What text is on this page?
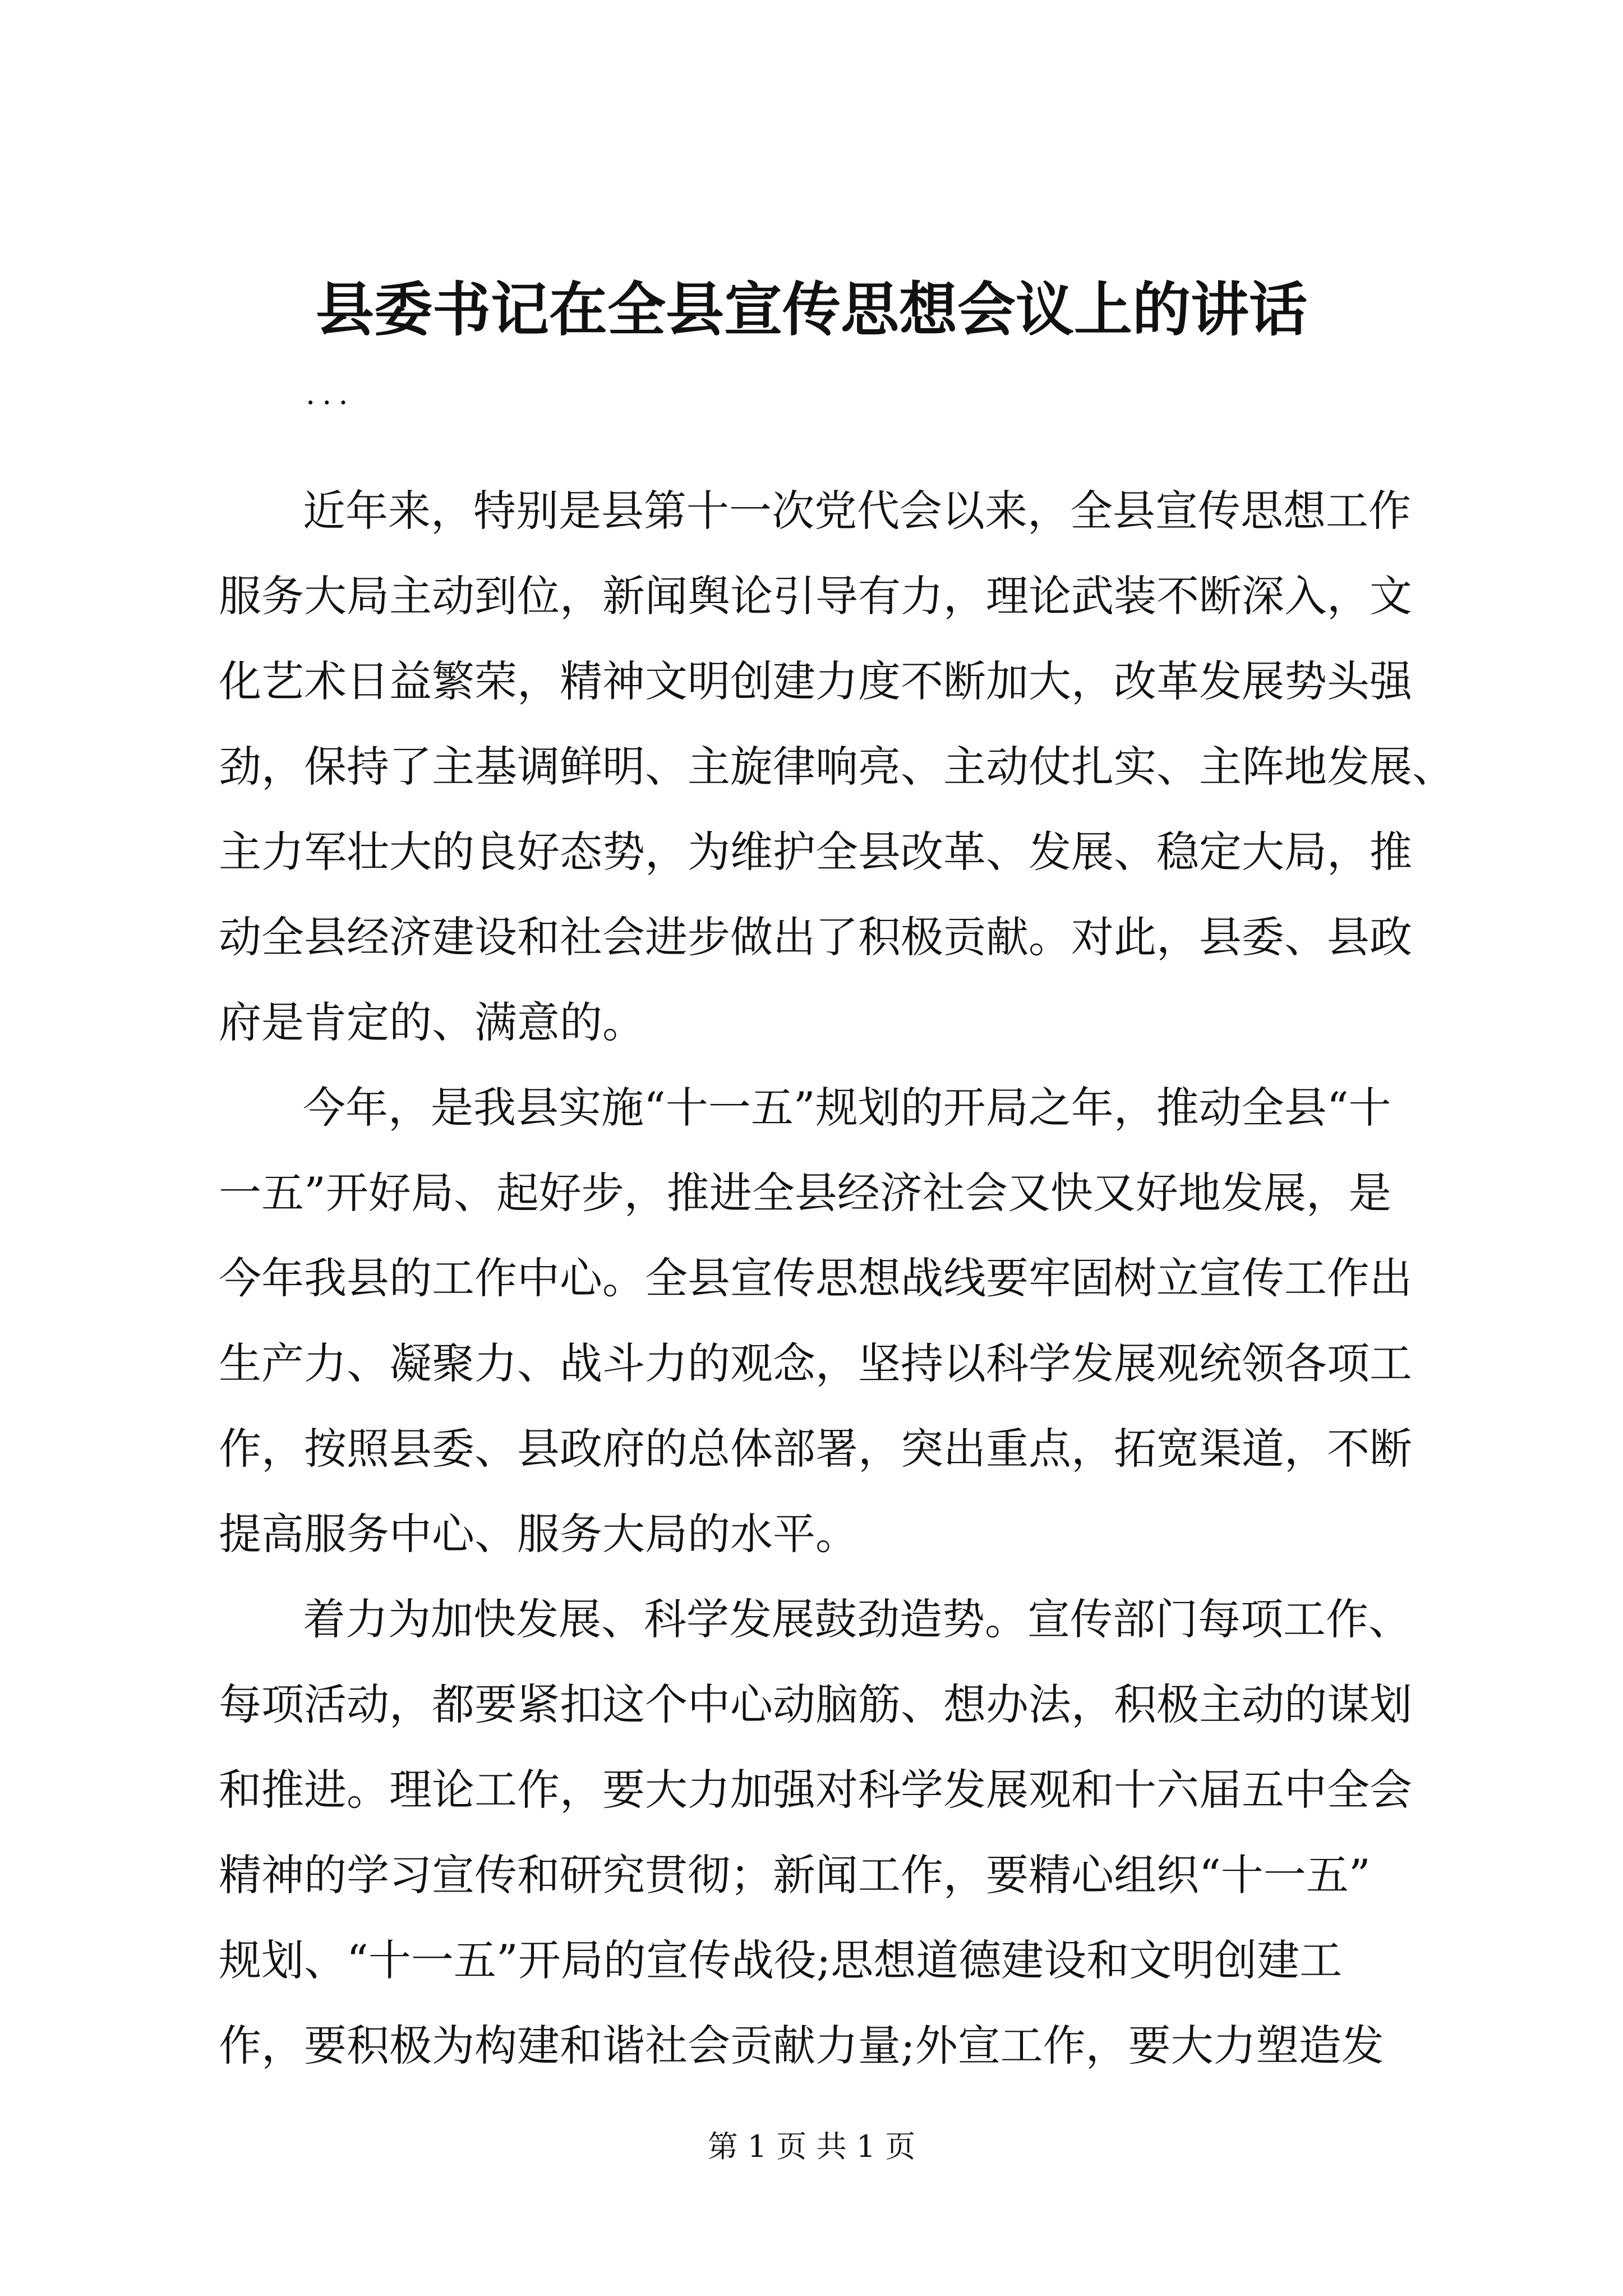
县委书记在全县宣传思想会议上的讲话
...
近年来，特别是县第十一次党代会以来，全县宣传思想工作
服务大局主动到位，新闻舆论引导有力，理论武装不断深入，文
化艺术日益繁荣，精神文明创建力度不断加大，改革发展势头强
劲，保持了主基调鲜明、主旋律响亮、主动仗扎实、主阵地发展、
主力军壮大的良好态势，为维护全县改革、发展、稳定大局，推
动全县经济建设和社会进步做出了积极贡献。对此，县委、县政
府是肯定的、满意的。
今年，是我县实施“十一五”规划的开局之年，推动全县“十
一五”开好局、起好步，推进全县经济社会又快又好地发展，是
今年我县的工作中心。全县宣传思想战线要牢固树立宣传工作出
生产力、凝聚力、战斗力的观念，坚持以科学发展观统领各项工
作，按照县委、县政府的总体部署，突出重点，拓宽渠道，不断
提高服务中心、服务大局的水平。
着力为加快发展、科学发展鼓劲造势。宣传部门每项工作、
每项活动，都要紧扣这个中心动脑筋、想办法，积极主动的谋划
和推进。理论工作，要大力加强对科学发展观和十六届五中全会
精神的学习宣传和研究贯彻；新闻工作，要精心组织“十一五”
规划、“十一五”开局的宣传战役;思想道德建设和文明创建工
作，要积极为构建和谐社会贡献力量;外宣工作，要大力塑造发
第 1 页 共 1 页
